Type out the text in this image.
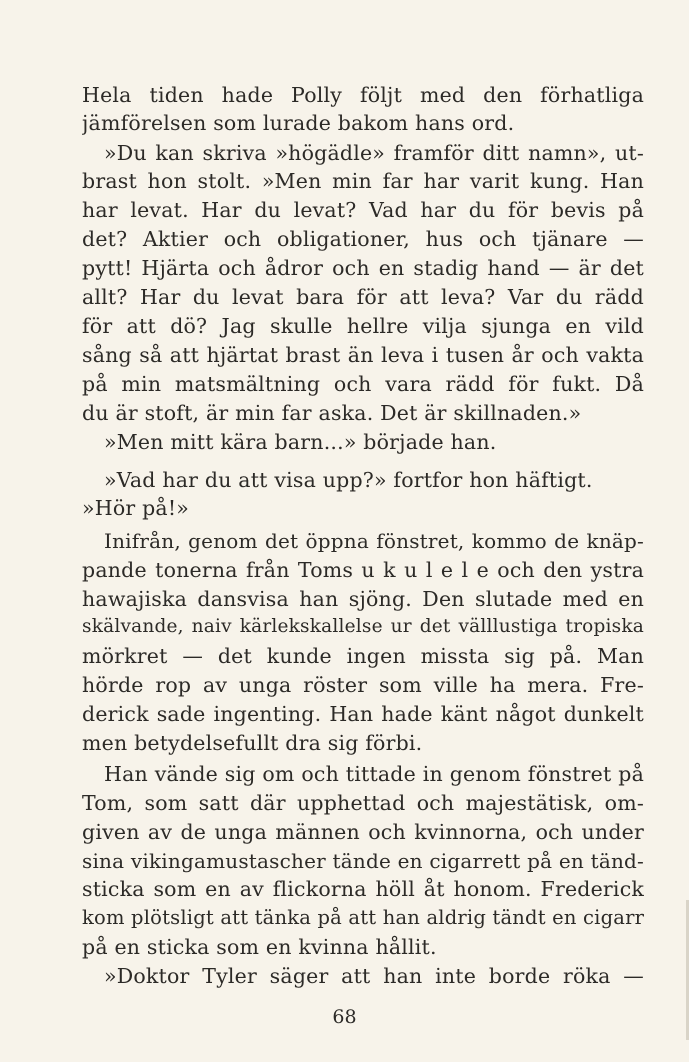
Hela tiden hade Polly följt med den förhatliga
jämförelsen som lurade bakom hans ord.
»Du kan skriva »högädle» framför ditt namn», ut-
brast hon stolt. »Men min far har varit kung. Han
har levat. Har du levat? Vad har du för bevis på
det? Aktier och obligationer, hus och tjänare —
pytt! Hjärta och ådror och en stadig hand — är det
allt? Har du levat bara för att leva? Var du rädd
för att dö? Jag skulle hellre vilja sjunga en vild
sång så att hjärtat brast än leva i tusen år och vakta
på min matsmältning och vara rädd för fukt. Då
du är stoft, är min far aska. Det är skillnaden.»
»Men mitt kära barn...» började han.
»Vad har du att visa upp?» fortfor hon häftigt.
»Hör på!»
Inifrån, genom det öppna fönstret, kommo de knäp-
pande tonerna från Toms u k u l e l e och den ystra
hawajiska dansvisa han sjöng. Den slutade med en
skälvande, naiv kärlekskallelse ur det välllustiga tropiska
mörkret — det kunde ingen missta sig på. Man
hörde rop av unga röster som ville ha mera. Fre-
derick sade ingenting. Han hade känt något dunkelt
men betydelsefullt dra sig förbi.
Han vände sig om och tittade in genom fönstret på
Tom, som satt där upphettad och majestätisk, om-
given av de unga männen och kvinnorna, och under
sina vikingamustascher tände en cigarrett på en tänd-
sticka som en av flickorna höll åt honom. Frederick
kom plötsligt att tänka på att han aldrig tändt en cigarr
på en sticka som en kvinna hållit.
»Doktor Tyler säger att han inte borde röka —
68
